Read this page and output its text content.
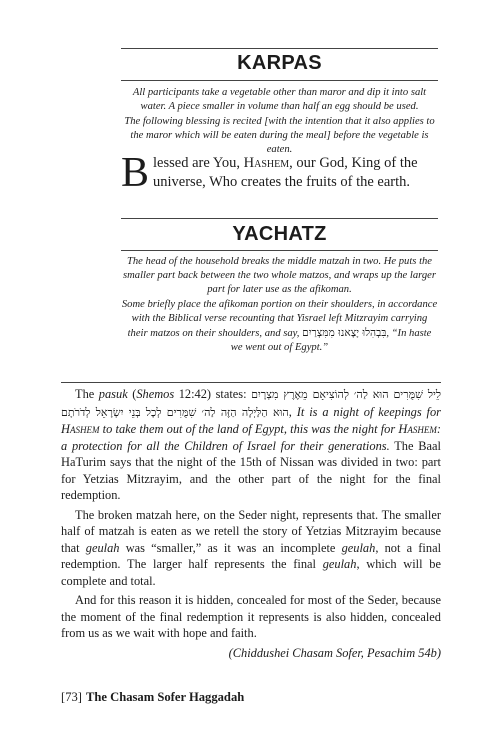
KARPAS

All participants take a vegetable other than maror and dip it into salt water. A piece smaller in volume than half an egg should be used.

The following blessing is recited [with the intention that it also applies to the maror which will be eaten during the meal] before the vegetable is eaten.

Blessed are You, Hashem, our God, King of the universe, Who creates the fruits of the earth.

YACHATZ

The head of the household breaks the middle matzah in two. He puts the smaller part back between the two whole matzos, and wraps up the larger part for later use as the afikoman.

Some briefly place the afikoman portion on their shoulders, in accordance with the Biblical verse recounting that Yisrael left Mitzrayim carrying their matzos on their shoulders, and say, בִּבְהִלוּ יָצָאנוּ מִמִּצְרַיִם, “In haste we went out of Egypt.”

The pasuk (Shemos 12:42) states: לֵיל שִׁמֻּרִים הוּא לַה׳ לְהוֹצִיאָם מֵאֶרֶץ מִצְרָיִם הוּא הַלַּיְלָה הַזֶּה לַה׳ שִׁמֻּרִים לְכָל בְּנֵי יִשְׂרָאֵל לְדֹרֹתָם, It is a night of keepings for Hashem to take them out of the land of Egypt, this was the night for Hashem: a protection for all the Children of Israel for their generations. The Baal HaTurim says that the night of the 15th of Nissan was divided in two: part for Yetzias Mitzrayim, and the other part of the night for the final redemption.

The broken matzah here, on the Seder night, represents that. The smaller half of matzah is eaten as we retell the story of Yetzias Mitzrayim because that geulah was “smaller,” as it was an incomplete geulah, not a final redemption. The larger half represents the final geulah, which will be complete and total.

And for this reason it is hidden, concealed for most of the Seder, because the moment of the final redemption it represents is also hidden, concealed from us as we wait with hope and faith.

(Chiddushei Chasam Sofer, Pesachim 54b)

[73] The Chasam Sofer Haggadah
